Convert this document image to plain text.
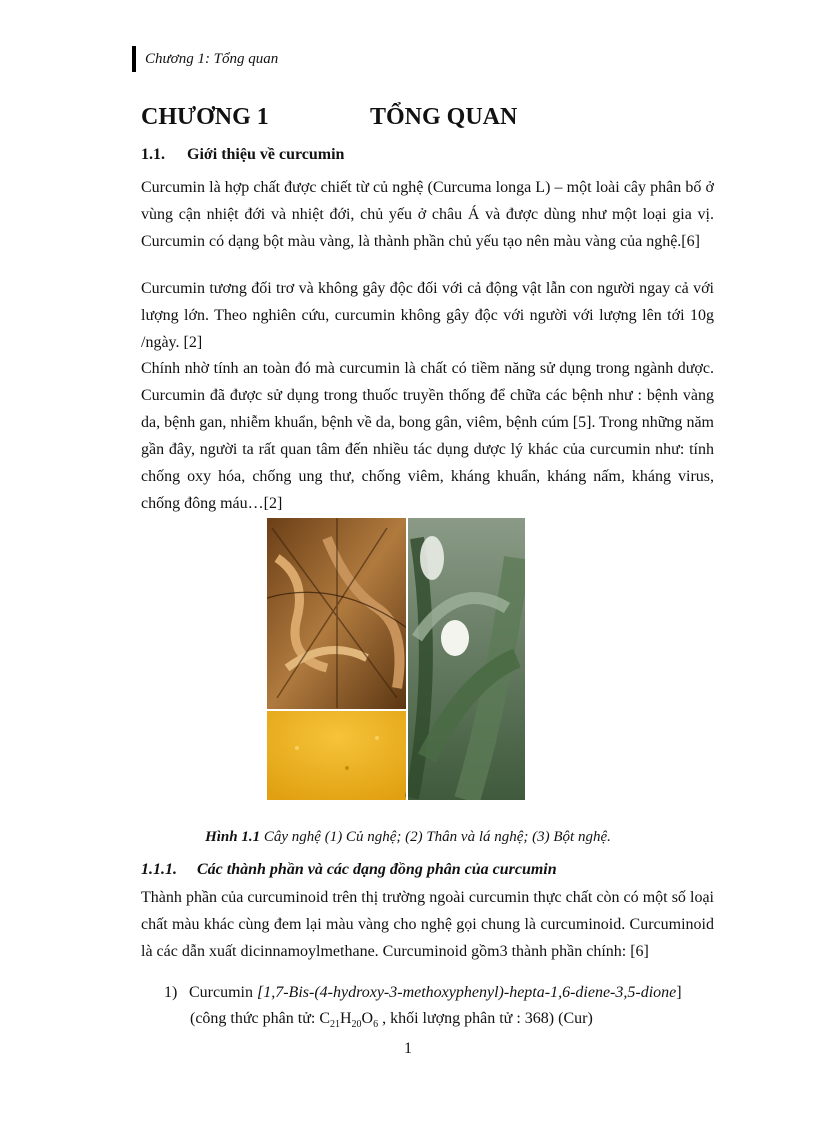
Chương 1: Tổng quan
CHƯƠNG 1	TỔNG QUAN
1.1. Giới thiệu về curcumin

Curcumin là hợp chất được chiết từ củ nghệ (Curcuma longa L) – một loài cây phân bố ở vùng cận nhiệt đới và nhiệt đới, chủ yếu ở châu Á và được dùng như một loại gia vị. Curcumin có dạng bột màu vàng, là thành phần chủ yếu tạo nên màu vàng của nghệ.[6]

Curcumin tương đối trơ và không gây độc đối với cả động vật lẫn con người ngay cả với lượng lớn. Theo nghiên cứu, curcumin không gây độc với người với lượng lên tới 10g /ngày. [2]

Chính nhờ tính an toàn đó mà curcumin là chất có tiềm năng sử dụng trong ngành dược. Curcumin đã được sử dụng trong thuốc truyền thống để chữa các bệnh như : bệnh vàng da, bệnh gan, nhiễm khuẩn, bệnh về da, bong gân, viêm, bệnh cúm [5]. Trong những năm gần đây, người ta rất quan tâm đến nhiều tác dụng dược lý khác của curcumin như: tính chống oxy hóa, chống ung thư, chống viêm, kháng khuẩn, kháng nấm, kháng virus, chống đông máu…[2]

Hình 1.1 Cây nghệ (1) Củ nghệ; (2) Thân và lá nghệ; (3) Bột nghệ.
1.1.1. Các thành phần và các dạng đồng phân của curcumin

Thành phần của curcuminoid trên thị trường ngoài curcumin thực chất còn có một số loại chất màu khác cùng đem lại màu vàng cho nghệ gọi chung là curcuminoid. Curcuminoid là các dẫn xuất dicinnamoylmethane. Curcuminoid gồm3 thành phần chính: [6]

1) Curcumin [1,7-Bis-(4-hydroxy-3-methoxyphenyl)-hepta-1,6-diene-3,5-dione]
(công thức phân tử: $C_{21}H_{20}O_6$ , khối lượng phân tử : 368) (Cur)
1
